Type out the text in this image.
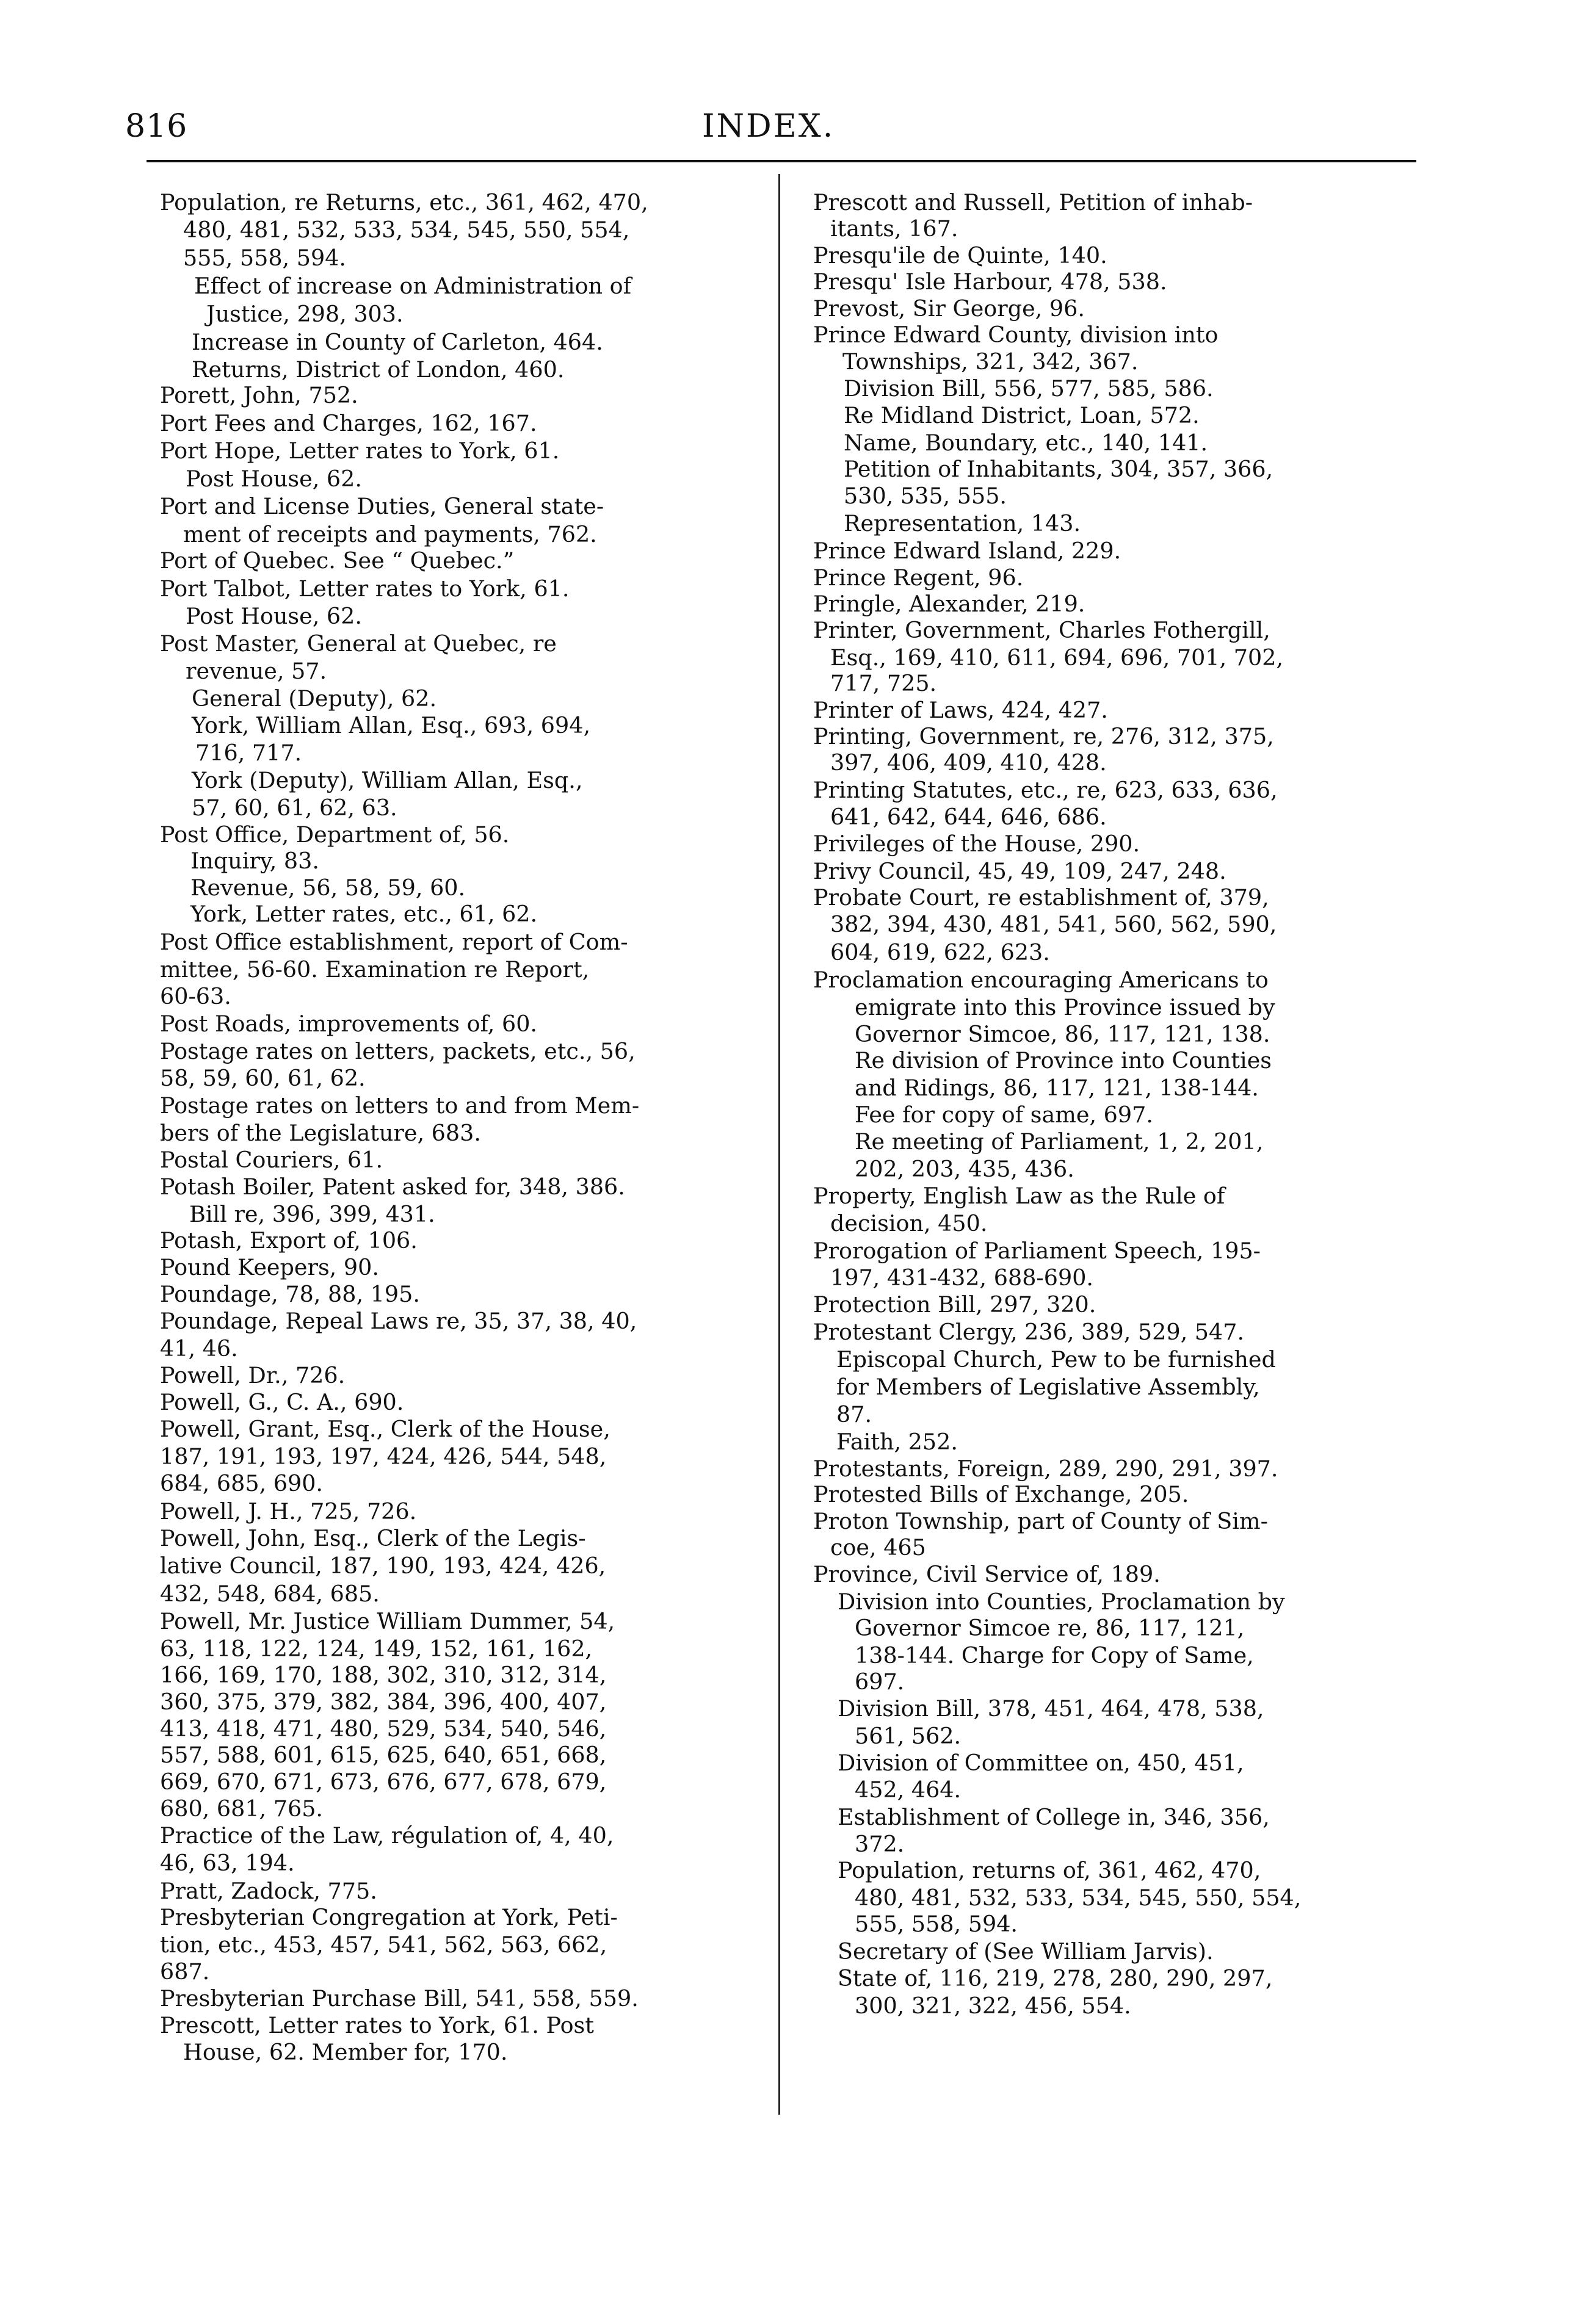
816	INDEX.
Population, re Returns, etc., 361, 462, 470,
480, 481, 532, 533, 534, 545, 550, 554,
555, 558, 594.
Effect of increase on Administration of
Justice, 298, 303.
Increase in County of Carleton, 464.
Returns, District of London, 460.
Porett, John, 752.
Port Fees and Charges, 162, 167.
Port Hope, Letter rates to York, 61.
Post House, 62.
Port and License Duties, General state-
ment of receipts and payments, 762.
Port of Quebec. See “ Quebec.”
Port Talbot, Letter rates to York, 61.
Post House, 62.
Post Master, General at Quebec, re
revenue, 57.
General (Deputy), 62.
York, William Allan, Esq., 693, 694,
716, 717.
York (Deputy), William Allan, Esq.,
57, 60, 61, 62, 63.
Post Office, Department of, 56.
Inquiry, 83.
Revenue, 56, 58, 59, 60.
York, Letter rates, etc., 61, 62.
Post Office establishment, report of Com-
mittee, 56-60. Examination re Report,
60-63.
Post Roads, improvements of, 60.
Postage rates on letters, packets, etc., 56,
58, 59, 60, 61, 62.
Postage rates on letters to and from Mem-
bers of the Legislature, 683.
Postal Couriers, 61.
Potash Boiler, Patent asked for, 348, 386.
Bill re, 396, 399, 431.
Potash, Export of, 106.
Pound Keepers, 90.
Poundage, 78, 88, 195.
Poundage, Repeal Laws re, 35, 37, 38, 40,
41, 46.
Powell, Dr., 726.
Powell, G., C. A., 690.
Powell, Grant, Esq., Clerk of the House,
187, 191, 193, 197, 424, 426, 544, 548,
684, 685, 690.
Powell, J. H., 725, 726.
Powell, John, Esq., Clerk of the Legis-
lative Council, 187, 190, 193, 424, 426,
432, 548, 684, 685.
Powell, Mr. Justice William Dummer, 54,
63, 118, 122, 124, 149, 152, 161, 162,
166, 169, 170, 188, 302, 310, 312, 314,
360, 375, 379, 382, 384, 396, 400, 407,
413, 418, 471, 480, 529, 534, 540, 546,
557, 588, 601, 615, 625, 640, 651, 668,
669, 670, 671, 673, 676, 677, 678, 679,
680, 681, 765.
Practice of the Law, régulation of, 4, 40,
46, 63, 194.
Pratt, Zadock, 775.
Presbyterian Congregation at York, Peti-
tion, etc., 453, 457, 541, 562, 563, 662,
687.
Presbyterian Purchase Bill, 541, 558, 559.
Prescott, Letter rates to York, 61. Post
House, 62. Member for, 170.
Prescott and Russell, Petition of inhab-
itants, 167.
Presqu'ile de Quinte, 140.
Presqu' Isle Harbour, 478, 538.
Prevost, Sir George, 96.
Prince Edward County, division into
Townships, 321, 342, 367.
Division Bill, 556, 577, 585, 586.
Re Midland District, Loan, 572.
Name, Boundary, etc., 140, 141.
Petition of Inhabitants, 304, 357, 366,
530, 535, 555.
Representation, 143.
Prince Edward Island, 229.
Prince Regent, 96.
Pringle, Alexander, 219.
Printer, Government, Charles Fothergill,
Esq., 169, 410, 611, 694, 696, 701, 702,
717, 725.
Printer of Laws, 424, 427.
Printing, Government, re, 276, 312, 375,
397, 406, 409, 410, 428.
Printing Statutes, etc., re, 623, 633, 636,
641, 642, 644, 646, 686.
Privileges of the House, 290.
Privy Council, 45, 49, 109, 247, 248.
Probate Court, re establishment of, 379,
382, 394, 430, 481, 541, 560, 562, 590,
604, 619, 622, 623.
Proclamation encouraging Americans to
emigrate into this Province issued by
Governor Simcoe, 86, 117, 121, 138.
Re division of Province into Counties
and Ridings, 86, 117, 121, 138-144.
Fee for copy of same, 697.
Re meeting of Parliament, 1, 2, 201,
202, 203, 435, 436.
Property, English Law as the Rule of
decision, 450.
Prorogation of Parliament Speech, 195-
197, 431-432, 688-690.
Protection Bill, 297, 320.
Protestant Clergy, 236, 389, 529, 547.
Episcopal Church, Pew to be furnished
for Members of Legislative Assembly,
87.
Faith, 252.
Protestants, Foreign, 289, 290, 291, 397.
Protested Bills of Exchange, 205.
Proton Township, part of County of Sim-
coe, 465
Province, Civil Service of, 189.
Division into Counties, Proclamation by
Governor Simcoe re, 86, 117, 121,
138-144. Charge for Copy of Same,
697.
Division Bill, 378, 451, 464, 478, 538,
561, 562.
Division of Committee on, 450, 451,
452, 464.
Establishment of College in, 346, 356,
372.
Population, returns of, 361, 462, 470,
480, 481, 532, 533, 534, 545, 550, 554,
555, 558, 594.
Secretary of (See William Jarvis).
State of, 116, 219, 278, 280, 290, 297,
300, 321, 322, 456, 554.
